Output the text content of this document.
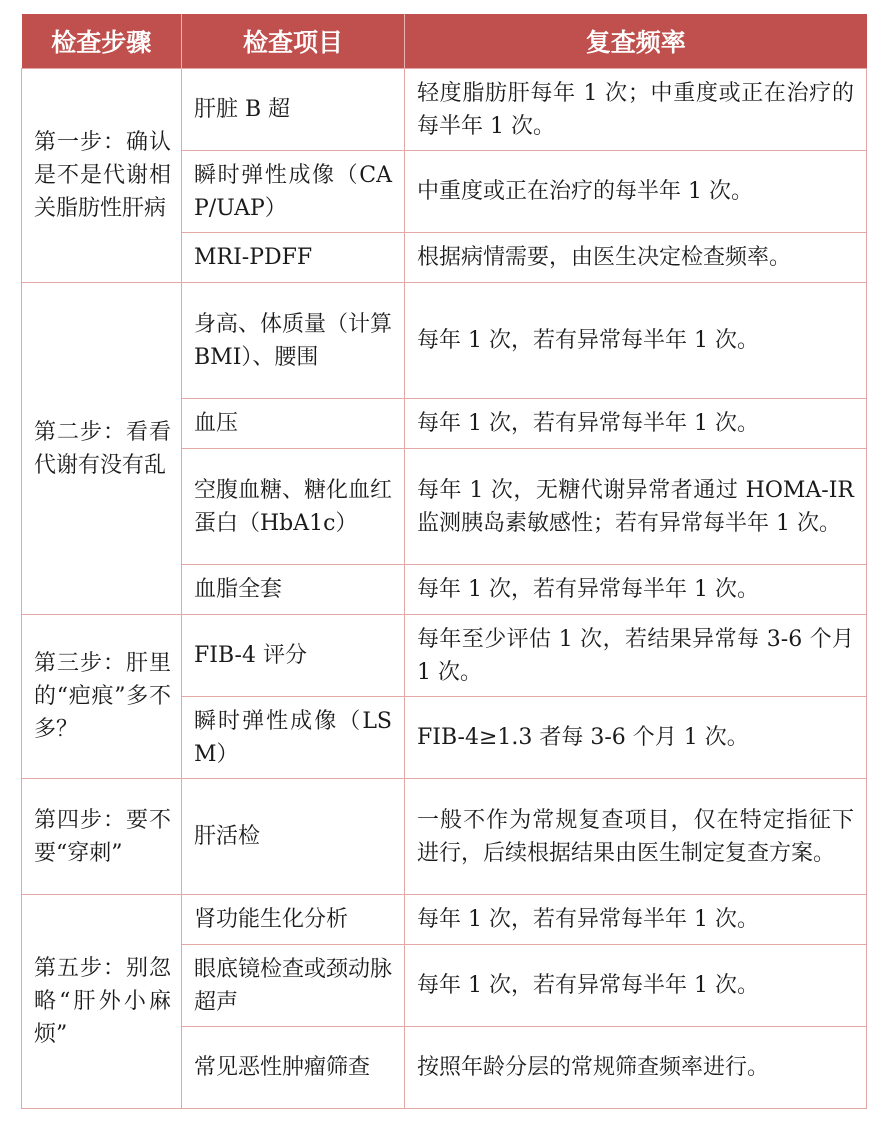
检查步骤	检查项目	复查频率
第一步：确认是不是代谢相关脂肪性肝病	肝脏 B 超	轻度脂肪肝每年 1 次；中重度或正在治疗的每半年 1 次。
	瞬时弹性成像（CAP/UAP）	中重度或正在治疗的每半年 1 次。
	MRI-PDFF	根据病情需要，由医生决定检查频率。
第二步：看看代谢有没有乱	身高、体质量（计算 BMI）、腰围	每年 1 次，若有异常每半年 1 次。
	血压	每年 1 次，若有异常每半年 1 次。
	空腹血糖、糖化血红蛋白（HbA1c）	每年 1 次，无糖代谢异常者通过 HOMA-IR 监测胰岛素敏感性；若有异常每半年 1 次。
	血脂全套	每年 1 次，若有异常每半年 1 次。
第三步：肝里的“疤痕”多不多？	FIB-4 评分	每年至少评估 1 次，若结果异常每 3-6 个月 1 次。
	瞬时弹性成像（LSM）	FIB-4≥1.3 者每 3-6 个月 1 次。
第四步：要不要“穿刺”	肝活检	一般不作为常规复查项目，仅在特定指征下进行，后续根据结果由医生制定复查方案。
第五步：别忽略“肝外小麻烦”	肾功能生化分析	每年 1 次，若有异常每半年 1 次。
	眼底镜检查或颈动脉超声	每年 1 次，若有异常每半年 1 次。
	常见恶性肿瘤筛查	按照年龄分层的常规筛查频率进行。
